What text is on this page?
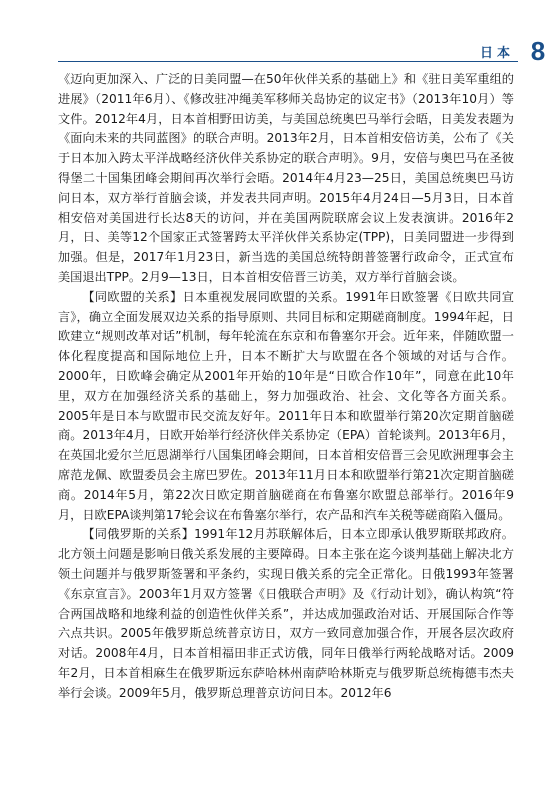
日本 8

《迈向更加深入、广泛的日美同盟—在50年伙伴关系的基础上》和《驻日美军重组的进展》（2011年6月）、《修改驻冲绳美军移师关岛协定的议定书》（2013年10月）等文件。2012年4月，日本首相野田访美，与美国总统奥巴马举行会晤，日美发表题为《面向未来的共同蓝图》的联合声明。2013年2月，日本首相安倍访美，公布了《关于日本加入跨太平洋战略经济伙伴关系协定的联合声明》。9月，安倍与奥巴马在圣彼得堡二十国集团峰会期间再次举行会晤。2014年4月23—25日，美国总统奥巴马访问日本，双方举行首脑会谈，并发表共同声明。2015年4月24日—5月3日，日本首相安倍对美国进行长达8天的访问，并在美国两院联席会议上发表演讲。2016年2月，日、美等12个国家正式签署跨太平洋伙伴关系协定(TPP)，日美同盟进一步得到加强。但是，2017年1月23日，新当选的美国总统特朗普签署行政命令，正式宣布美国退出TPP。2月9—13日，日本首相安倍晋三访美，双方举行首脑会谈。

【同欧盟的关系】日本重视发展同欧盟的关系。1991年日欧签署《日欧共同宣言》，确立全面发展双边关系的指导原则、共同目标和定期磋商制度。1994年起，日欧建立“规则改革对话”机制，每年轮流在东京和布鲁塞尔开会。近年来，伴随欧盟一体化程度提高和国际地位上升，日本不断扩大与欧盟在各个领域的对话与合作。2000年，日欧峰会确定从2001年开始的10年是“日欧合作10年”，同意在此10年里，双方在加强经济关系的基础上，努力加强政治、社会、文化等各方面关系。2005年是日本与欧盟市民交流友好年。2011年日本和欧盟举行第20次定期首脑磋商。2013年4月，日欧开始举行经济伙伴关系协定（EPA）首轮谈判。2013年6月，在英国北爱尔兰厄恩湖举行八国集团峰会期间，日本首相安倍晋三会见欧洲理事会主席范龙佩、欧盟委员会主席巴罗佐。2013年11月日本和欧盟举行第21次定期首脑磋商。2014年5月，第22次日欧定期首脑磋商在布鲁塞尔欧盟总部举行。2016年9月，日欧EPA谈判第17轮会议在布鲁塞尔举行，农产品和汽车关税等磋商陷入僵局。

【同俄罗斯的关系】1991年12月苏联解体后，日本立即承认俄罗斯联邦政府。北方领土问题是影响日俄关系发展的主要障碍。日本主张在迄今谈判基础上解决北方领土问题并与俄罗斯签署和平条约，实现日俄关系的完全正常化。日俄1993年签署《东京宣言》。2003年1月双方签署《日俄联合声明》及《行动计划》，确认构筑“符合两国战略和地缘利益的创造性伙伴关系”，并达成加强政治对话、开展国际合作等六点共识。2005年俄罗斯总统普京访日，双方一致同意加强合作，开展各层次政府对话。2008年4月，日本首相福田非正式访俄，同年日俄举行两轮战略对话。2009年2月，日本首相麻生在俄罗斯远东萨哈林州南萨哈林斯克与俄罗斯总统梅德韦杰夫举行会谈。2009年5月，俄罗斯总理普京访问日本。2012年6
